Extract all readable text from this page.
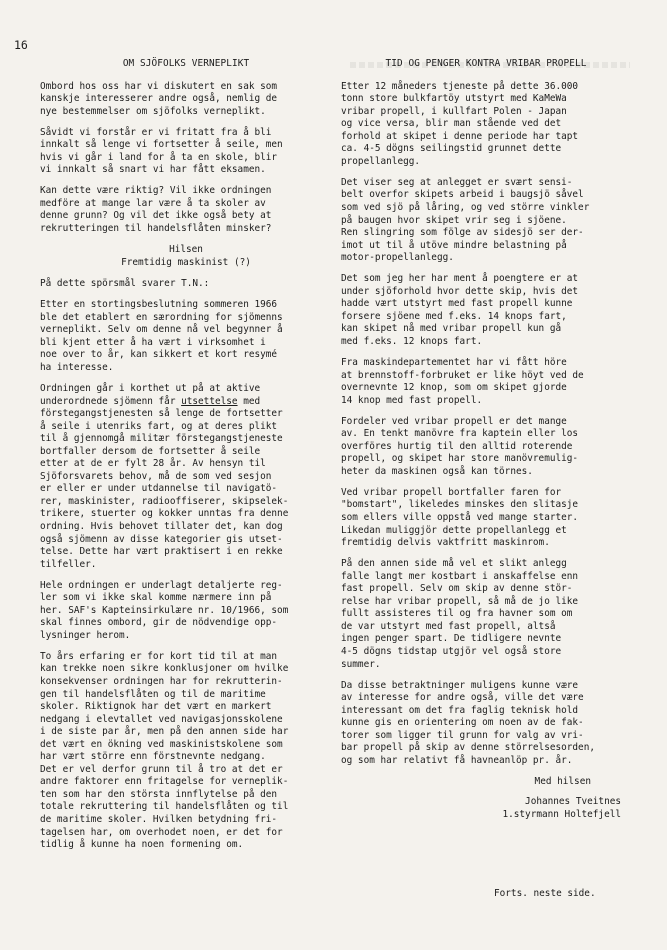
16
OM SJÖFOLKS VERNEPLIKT

Ombord hos oss har vi diskutert en sak som
kanskje interesserer andre også, nemlig de
nye bestemmelser om sjöfolks verneplikt.

Såvidt vi forstår er vi fritatt fra å bli
innkalt så lenge vi fortsetter å seile, men
hvis vi går i land for å ta en skole, blir
vi innkalt så snart vi har fått eksamen.

Kan dette være riktig? Vil ikke ordningen
medföre at mange lar være å ta skoler av
denne grunn? Og vil det ikke også bety at
rekrutteringen til handelsflåten minsker?

Hilsen

Fremtidig maskinist (?)

På dette spörsmål svarer T.N.:

Etter en stortingsbeslutning sommeren 1966
ble det etablert en særordning for sjömenns
verneplikt. Selv om denne nå vel begynner å
bli kjent etter å ha vært i virksomhet i
noe over to år, kan sikkert et kort resymé
ha interesse.

Ordningen går i korthet ut på at aktive
underordnede sjömenn får utsettelse med
förstegangstjenesten så lenge de fortsetter
å seile i utenriks fart, og at deres plikt
til å gjennomgå militær förstegangstjeneste
bortfaller dersom de fortsetter å seile
etter at de er fylt 28 år. Av hensyn til
Sjöforsvarets behov, må de som ved sesjon
er eller er under utdannelse til navigatö-
rer, maskinister, radiooffiserer, skipselek-
trikere, stuerter og kokker unntas fra denne
ordning. Hvis behovet tillater det, kan dog
også sjömenn av disse kategorier gis utset-
telse. Dette har vært praktisert i en rekke
tilfeller.

Hele ordningen er underlagt detaljerte reg-
ler som vi ikke skal komme nærmere inn på
her. SAF's Kapteinsirkulære nr. 10/1966, som
skal finnes ombord, gir de nödvendige opp-
lysninger herom.

To års erfaring er for kort tid til at man
kan trekke noen sikre konklusjoner om hvilke
konsekvenser ordningen har for rekrutterin-
gen til handelsflåten og til de maritime
skoler. Riktignok har det vært en markert
nedgang i elevtallet ved navigasjonsskolene
i de siste par år, men på den annen side har
det vært en ökning ved maskinistskolene som
har vært större enn förstnevnte nedgang.
Det er vel derfor grunn til å tro at det er
andre faktorer enn fritagelse for vernеplik-
ten som har den största innflytelse på den
totale rekruttering til handelsflåten og til
de maritime skoler. Hvilken betydning fri-
tagelsen har, om overhodet noen, er det for
tidlig å kunne ha noen formening om.

TID OG PENGER KONTRA VRIBAR PROPELL

Etter 12 måneders tjeneste på dette 36.000
tonn store bulkfartöy utstyrt med KaMeWa
vribar propell, i kullfart Polen - Japan
og vice versa, blir man stående ved det
forhold at skipet i denne periode har tapt
ca. 4-5 dögns seilingstid grunnet dette
propellanlegg.

Det viser seg at anlegget er svært sensi-
belt overfor skipets arbeid i baugsjö såvel
som ved sjö på låring, og ved större vinkler
på baugen hvor skipet vrir seg i sjöene.
Ren slingring som fölge av sidesjö ser der-
imot ut til å utöve mindre belastning på
motor-propellanlegg.

Det som jeg her har ment å poengtere er at
under sjöforhold hvor dette skip, hvis det
hadde vært utstyrt med fast propell kunne
forsere sjöene med f.eks. 14 knops fart,
kan skipet nå med vribar propell kun gå
med f.eks. 12 knops fart.

Fra maskindepartementet har vi fått höre
at brennstoff-forbruket er like höyt ved de
overnevnte 12 knop, som om skipet gjorde
14 knop med fast propell.

Fordeler ved vribar propell er det mange
av. En tenkt manövre fra kaptein eller los
overföres hurtig til den alltid roterende
propell, og skipet har store manövremulig-
heter da maskinen også kan törnes.

Ved vribar propell bortfaller faren for
"bomstart", likeledes minskes den slitasje
som ellers ville oppstå ved mange starter.
Likedan muliggjör dette propellanlegg et
fremtidig delvis vaktfritt maskinrom.

På den annen side må vel et slikt anlegg
falle langt mer kostbart i anskaffelse enn
fast propell. Selv om skip av denne stör-
relse har vribar propell, så må de jo like
fullt assisteres til og fra havner som om
de var utstyrt med fast propell, altså
ingen penger spart. De tidligere nevnte
4-5 dögns tidstap utgjör vel også store
summer.

Da disse betraktninger muligens kunne være
av interesse for andre også, ville det være
interessant om det fra faglig teknisk hold
kunne gis en orientering om noen av de fak-
torer som ligger til grunn for valg av vri-
bar propell på skip av denne störrelsesorden,
og som har relativt få havneanlöp pr. år.

Med hilsen

Johannes Tveitnes

1.styrmann Holtefjell

Forts. neste side.
